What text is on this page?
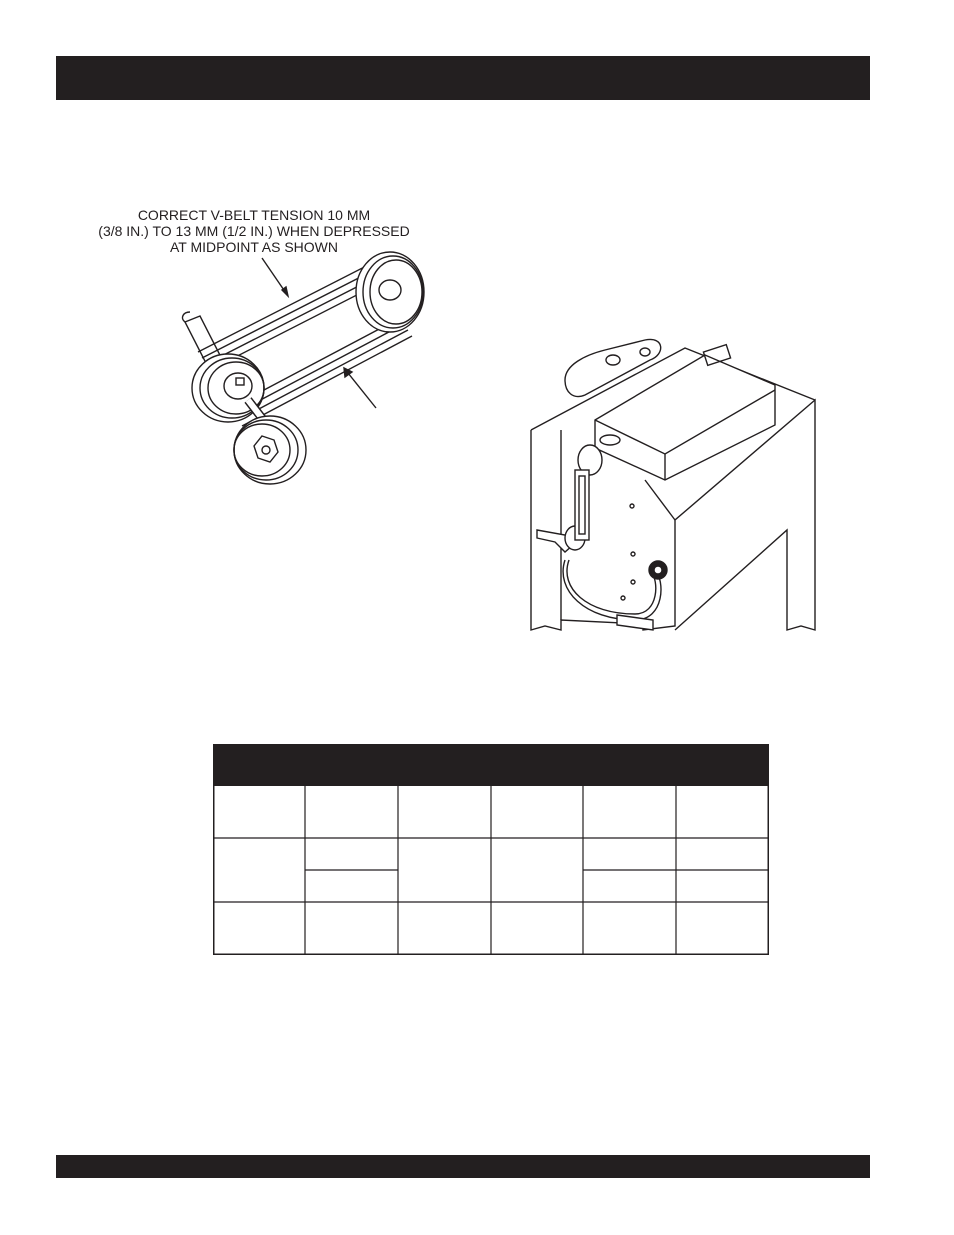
CORRECT V-BELT TENSION 10 MM
(3/8 IN.) TO 13 MM (1/2 IN.) WHEN DEPRESSED
AT MIDPOINT AS SHOWN
